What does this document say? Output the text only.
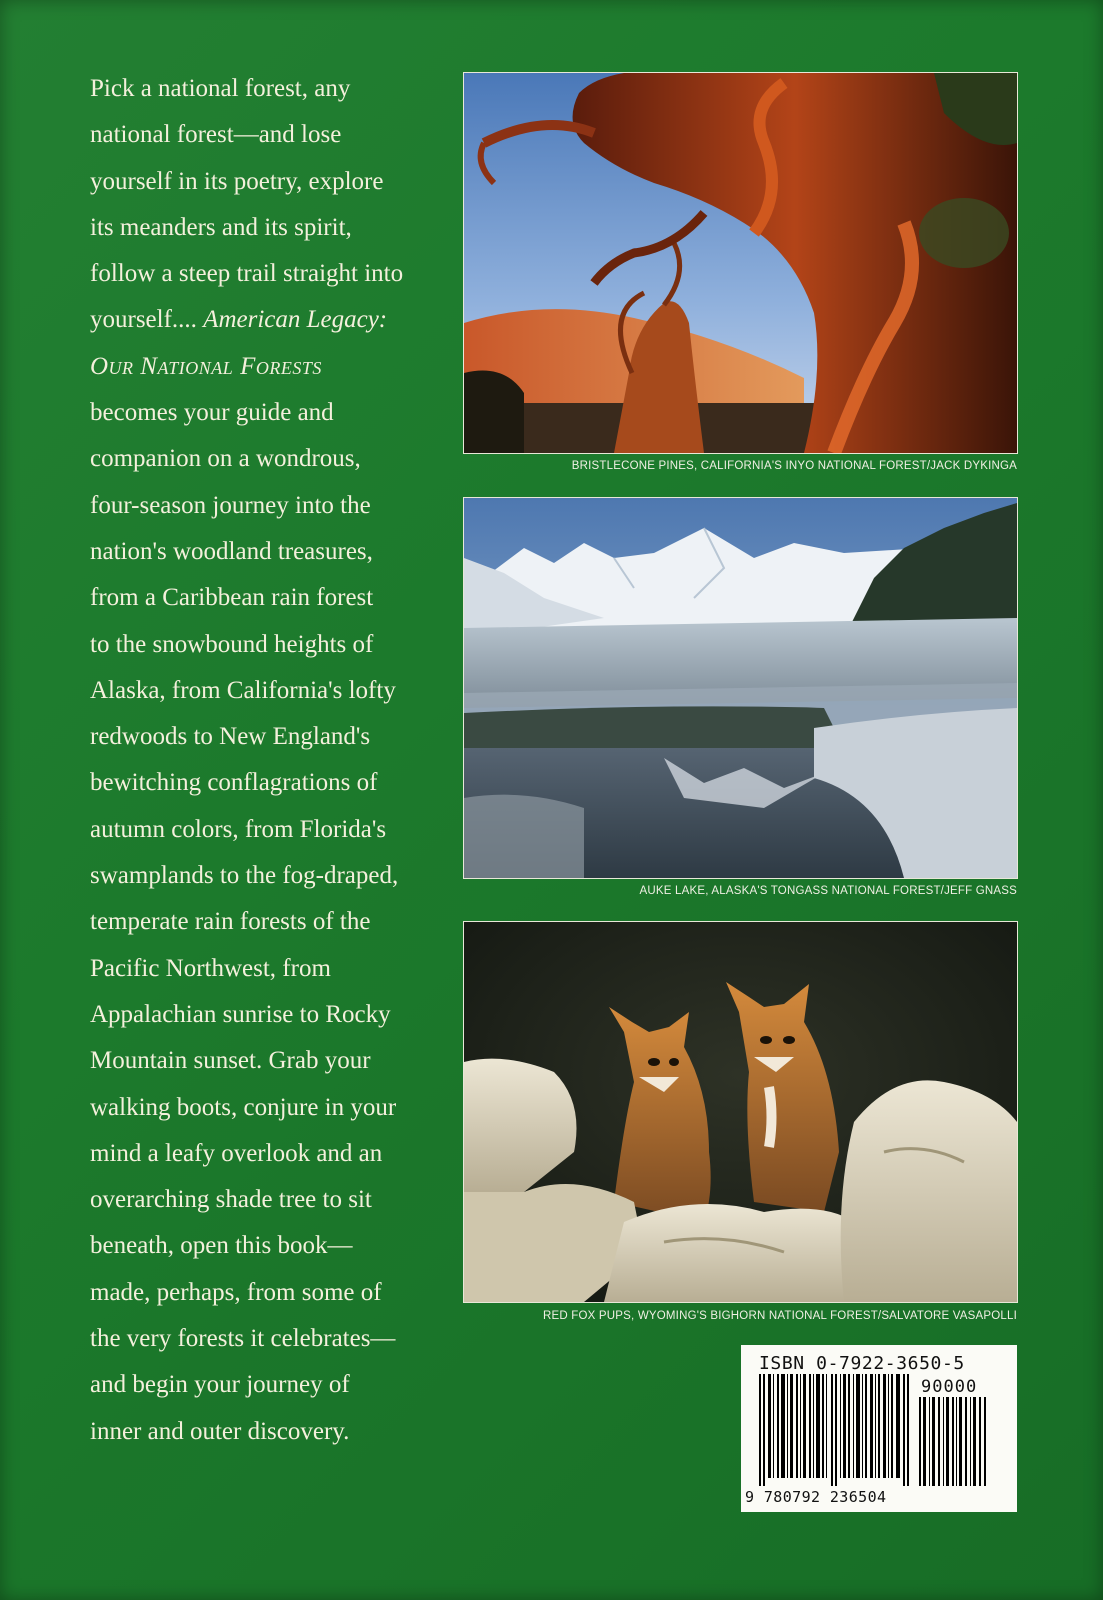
Pick a national forest, any
national forest—and lose
yourself in its poetry, explore
its meanders and its spirit,
follow a steep trail straight into
yourself.... American Legacy:
Our National Forests
becomes your guide and
companion on a wondrous,
four-season journey into the
nation's woodland treasures,
from a Caribbean rain forest
to the snowbound heights of
Alaska, from California's lofty
redwoods to New England's
bewitching conflagrations of
autumn colors, from Florida's
swamplands to the fog-draped,
temperate rain forests of the
Pacific Northwest, from
Appalachian sunrise to Rocky
Mountain sunset. Grab your
walking boots, conjure in your
mind a leafy overlook and an
overarching shade tree to sit
beneath, open this book—
made, perhaps, from some of
the very forests it celebrates—
and begin your journey of
inner and outer discovery.

BRISTLECONE PINES, CALIFORNIA'S INYO NATIONAL FOREST/JACK DYKINGA
AUKE LAKE, ALASKA'S TONGASS NATIONAL FOREST/JEFF GNASS
RED FOX PUPS, WYOMING'S BIGHORN NATIONAL FOREST/SALVATORE VASAPOLLI
ISBN 0-7922-3650-5
90000
9 780792 236504
